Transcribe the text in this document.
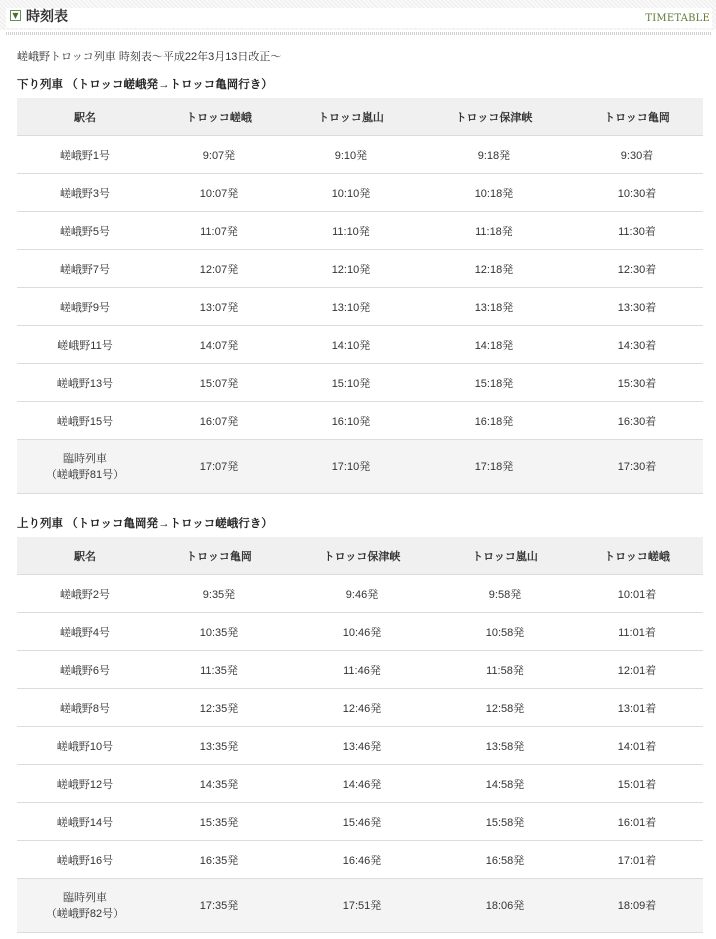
▼ 時刻表	TIMETABLE
嵯峨野トロッコ列車 時刻表〜平成22年3月13日改正〜
下り列車 （トロッコ嵯峨発→トロッコ亀岡行き）
駅名	トロッコ嵯峨	トロッコ嵐山	トロッコ保津峡	トロッコ亀岡
嵯峨野1号	9:07発	9:10発	9:18発	9:30着
嵯峨野3号	10:07発	10:10発	10:18発	10:30着
嵯峨野5号	11:07発	11:10発	11:18発	11:30着
嵯峨野7号	12:07発	12:10発	12:18発	12:30着
嵯峨野9号	13:07発	13:10発	13:18発	13:30着
嵯峨野11号	14:07発	14:10発	14:18発	14:30着
嵯峨野13号	15:07発	15:10発	15:18発	15:30着
嵯峨野15号	16:07発	16:10発	16:18発	16:30着

臨時列車
（嵯峨野81号）	17:07発	17:10発	17:18発	17:30着
上り列車 （トロッコ亀岡発→トロッコ嵯峨行き）
駅名	トロッコ亀岡	トロッコ保津峡	トロッコ嵐山	トロッコ嵯峨
嵯峨野2号	9:35発	9:46発	9:58発	10:01着
嵯峨野4号	10:35発	10:46発	10:58発	11:01着
嵯峨野6号	11:35発	11:46発	11:58発	12:01着
嵯峨野8号	12:35発	12:46発	12:58発	13:01着
嵯峨野10号	13:35発	13:46発	13:58発	14:01着
嵯峨野12号	14:35発	14:46発	14:58発	15:01着
嵯峨野14号	15:35発	15:46発	15:58発	16:01着
嵯峨野16号	16:35発	16:46発	16:58発	17:01着

臨時列車
（嵯峨野82号）	17:35発	17:51発	18:06発	18:09着
